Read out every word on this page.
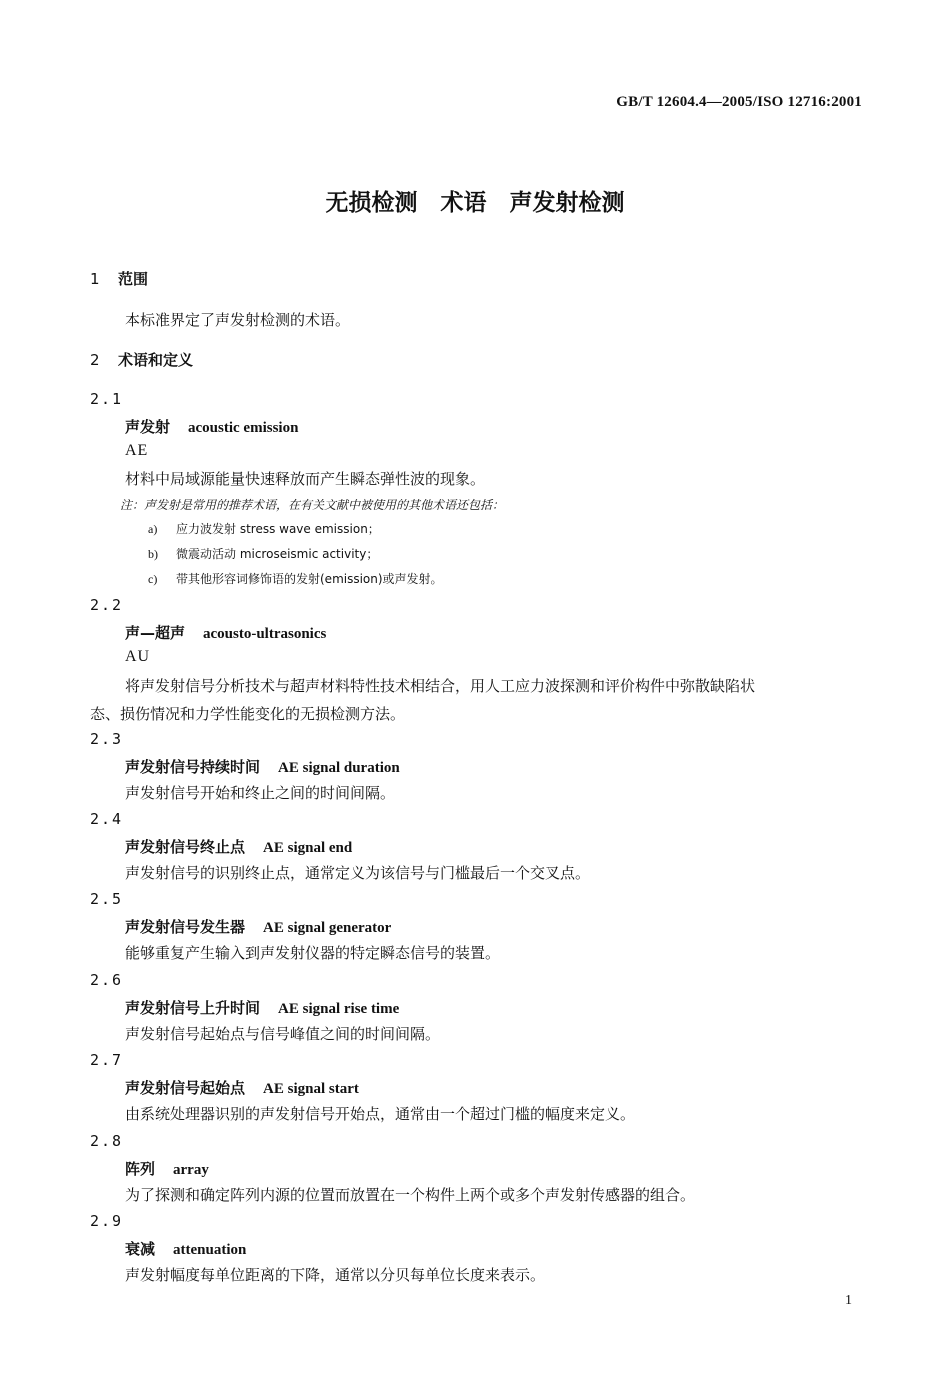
GB/T 12604.4—2005/ISO 12716:2001
无损检测　术语　声发射检测
1 范围
本标准界定了声发射检测的术语。
2 术语和定义
2.1
声发射 acoustic emission
AE
材料中局域源能量快速释放而产生瞬态弹性波的现象。
注：声发射是常用的推荐术语，在有关文献中被使用的其他术语还包括：
a) 应力波发射 stress wave emission；
b) 微震动活动 microseismic activity；
c) 带其他形容词修饰语的发射(emission)或声发射。
2.2
声—超声 acousto-ultrasonics
AU
将声发射信号分析技术与超声材料特性技术相结合，用人工应力波探测和评价构件中弥散缺陷状
态、损伤情况和力学性能变化的无损检测方法。
2.3
声发射信号持续时间 AE signal duration
声发射信号开始和终止之间的时间间隔。
2.4
声发射信号终止点 AE signal end
声发射信号的识别终止点，通常定义为该信号与门槛最后一个交叉点。
2.5
声发射信号发生器 AE signal generator
能够重复产生输入到声发射仪器的特定瞬态信号的装置。
2.6
声发射信号上升时间 AE signal rise time
声发射信号起始点与信号峰值之间的时间间隔。
2.7
声发射信号起始点 AE signal start
由系统处理器识别的声发射信号开始点，通常由一个超过门槛的幅度来定义。
2.8
阵列 array
为了探测和确定阵列内源的位置而放置在一个构件上两个或多个声发射传感器的组合。
2.9
衰减 attenuation
声发射幅度每单位距离的下降，通常以分贝每单位长度来表示。
1
